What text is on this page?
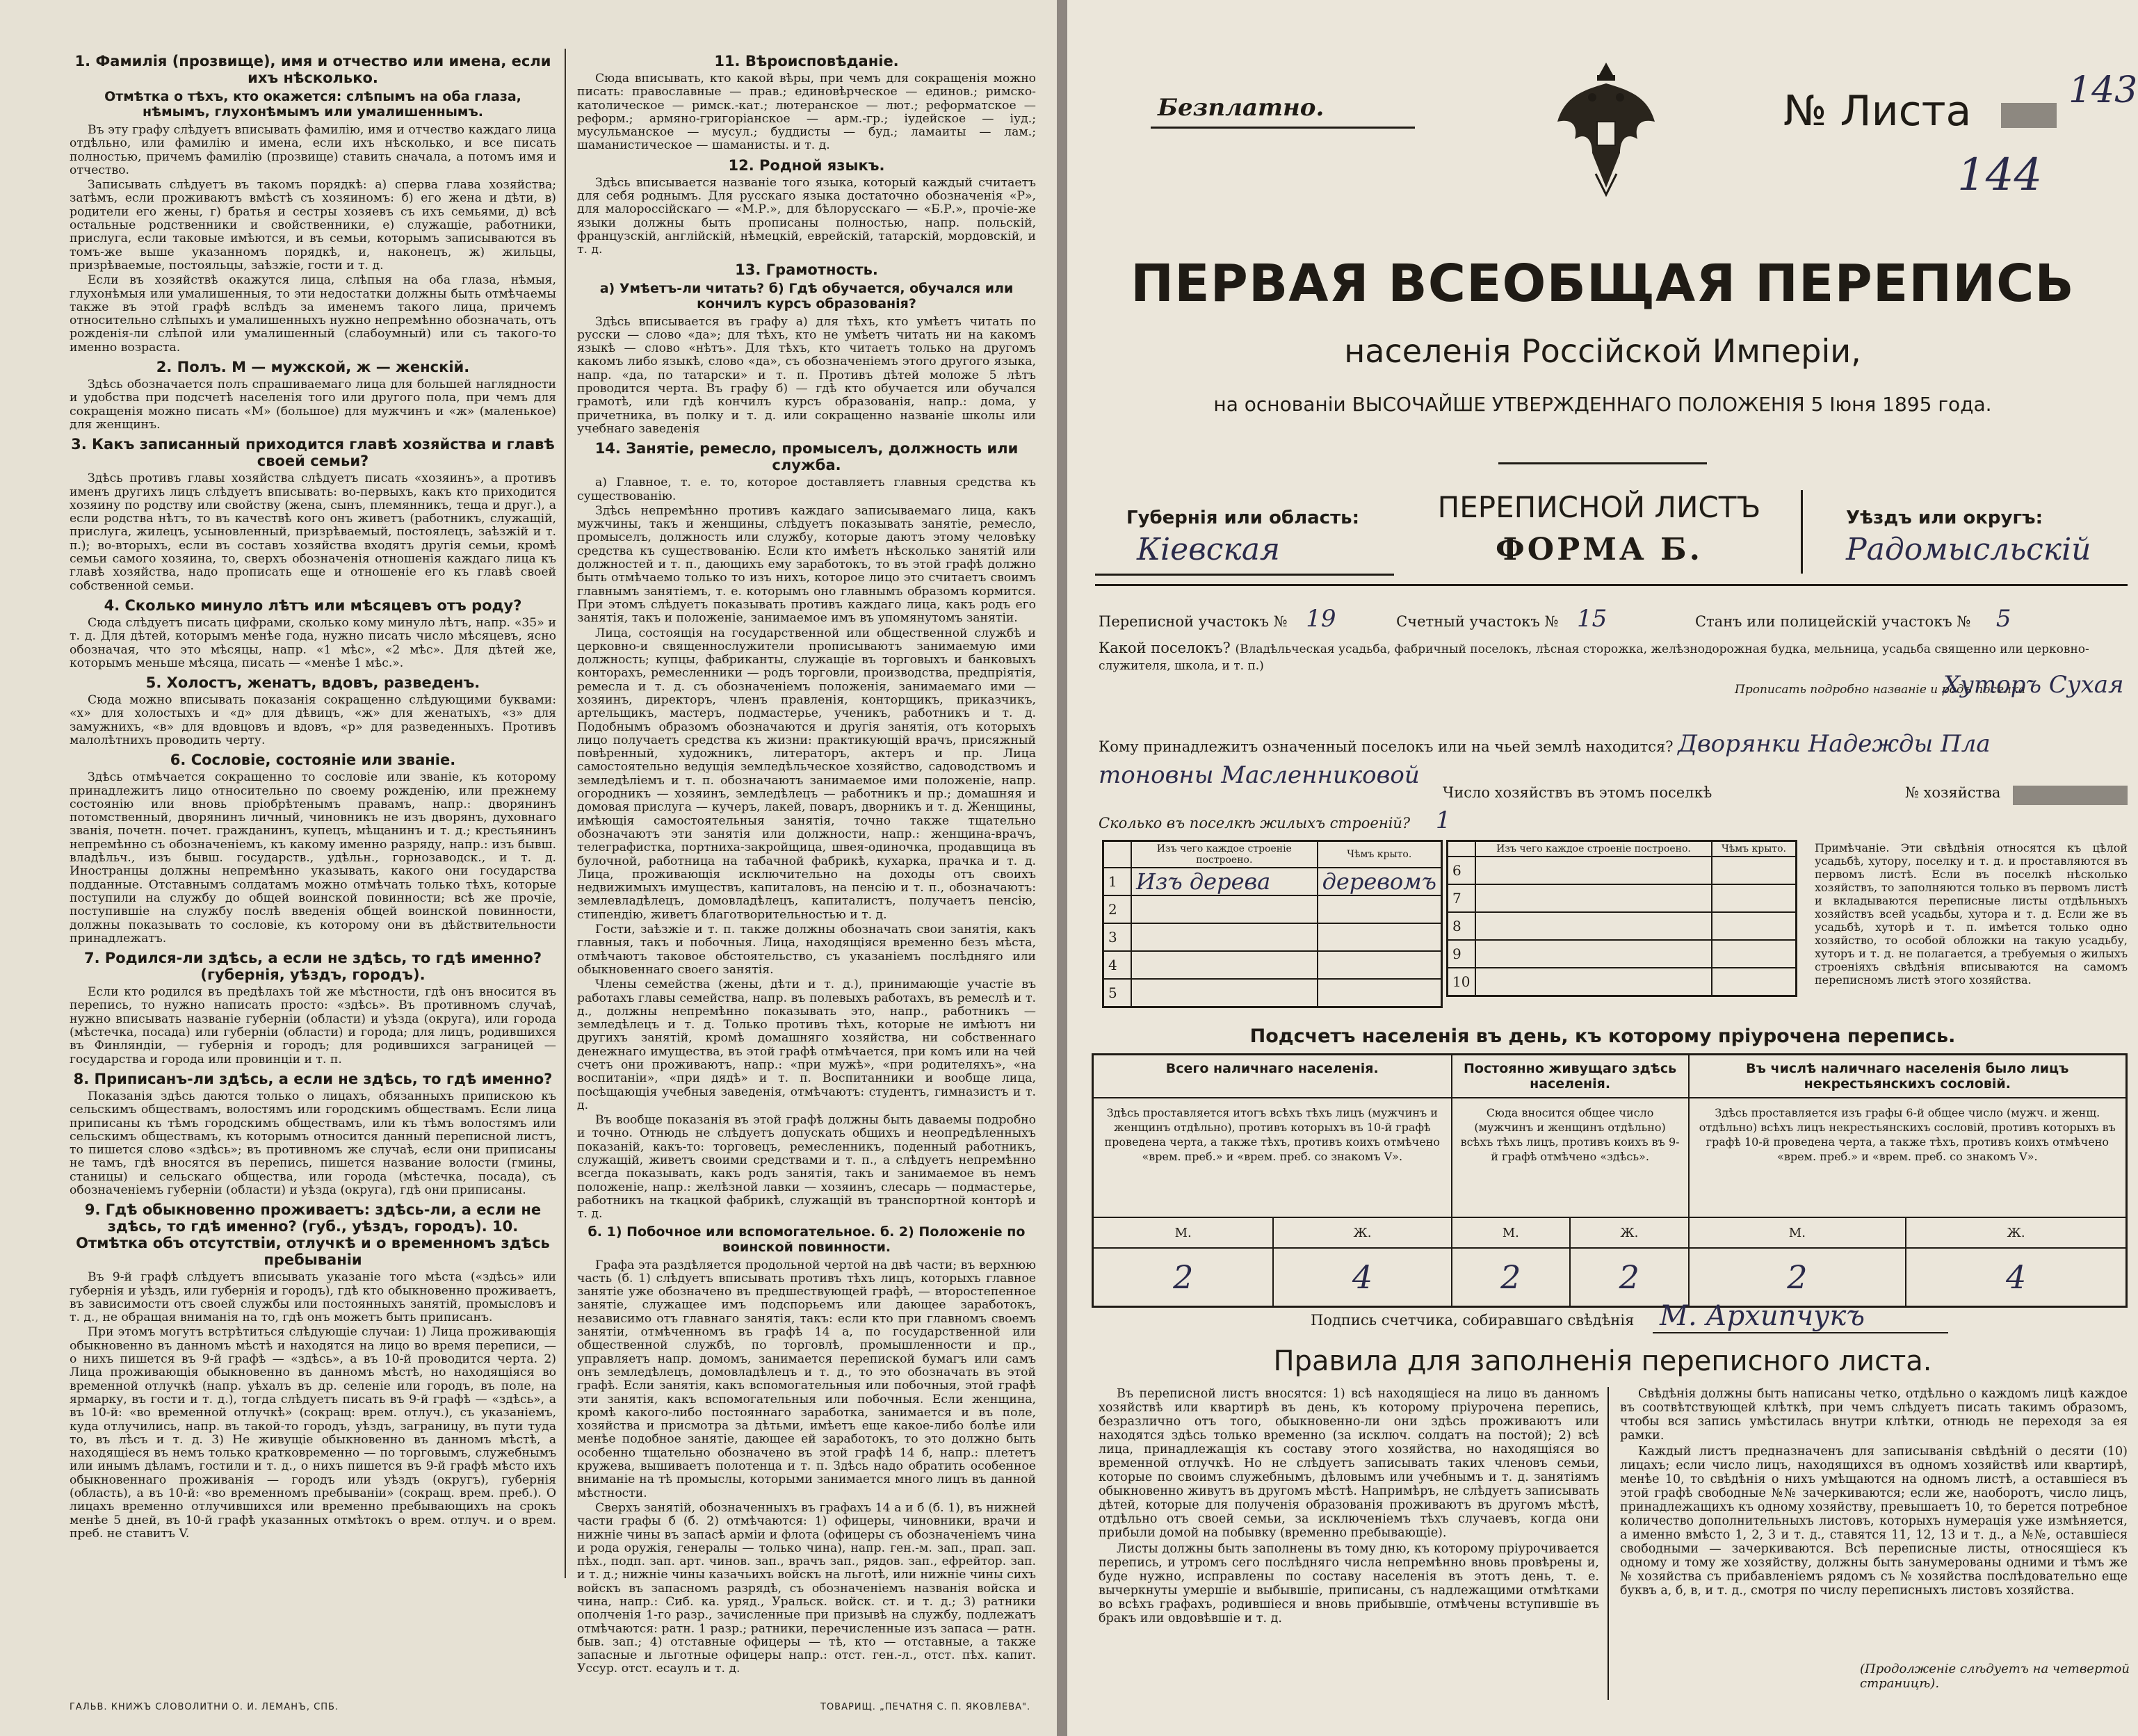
1. Фамилія (прозвище), имя и отчество или имена, если ихъ нѣсколько.
Отмѣтка о тѣхъ, кто окажется: слѣпымъ на оба глаза, нѣмымъ, глухонѣмымъ или умалишеннымъ.

Въ эту графу слѣдуетъ вписывать фамилію, имя и отчество каждаго лица отдѣльно, или фамилію и имена, если ихъ нѣсколько, и все писать полностью, причемъ фамилію (прозвище) ставить сначала, а потомъ имя и отчество.

Записывать слѣдуетъ въ такомъ порядкѣ: а) сперва главa хозяйства; затѣмъ, если проживаютъ вмѣстѣ съ хозяиномъ: б) его жена и дѣти, в) родители его жены, г) братья и сестры хозяевъ съ ихъ семьями, д) всѣ остальные родственники и свойственники, е) служащіе, работники, прислуга, если таковые имѣются, и въ семьи, которымъ записываются въ томъ-же выше указанномъ порядкѣ, и, наконецъ, ж) жильцы, призрѣваемые, постояльцы, заѣзжіе, гости и т. д.

Если въ хозяйствѣ окажутся лица, слѣпыя на оба глаза, нѣмыя, глухонѣмыя или умалишенныя, то эти недостатки должны быть отмѣчаемы также въ этой графѣ вслѣдъ за именемъ такого лица, причемъ относительно слѣпыхъ и умалишенныхъ нужно непремѣнно обозначать, отъ рожденія-ли слѣпой или умалишенный (слабоумный) или съ такого-то именно возраста.

2. Полъ. М — мужской, ж — женскій.

Здѣсь обозначается полъ спрашиваемаго лица для большей наглядности и удобства при подсчетѣ населенія того или другого пола, при чемъ для сокращенія можно писать «М» (большое) для мужчинъ и «ж» (маленькое) для женщинъ.

3. Какъ записанный приходится главѣ хозяйства и главѣ своей семьи?

Здѣсь противъ главы хозяйства слѣдуетъ писать «хозяинъ», а противъ именъ другихъ лицъ слѣдуетъ вписывать: во-первыхъ, какъ кто приходится хозяину по родству или свойству (жена, сынъ, племянникъ, теща и друг.), а если родства нѣтъ, то въ качествѣ кого онъ живетъ (работникъ, служащій, прислуга, жилецъ, усыновленный, призрѣваемый, постоялецъ, заѣзжій и т. п.); во-вторыхъ, если въ составъ хозяйства входятъ другія семьи, кромѣ семьи самого хозяина, то, сверхъ обозначенія отношенія каждаго лица къ главѣ хозяйства, надо прописать еще и отношеніе его къ главѣ своей собственной семьи.

4. Сколько минуло лѣтъ или мѣсяцевъ отъ роду?

Сюда слѣдуетъ писать цифрами, сколько кому минуло лѣтъ, напр. «35» и т. д. Для дѣтей, которымъ менѣе года, нужно писать число мѣсяцевъ, ясно обозначая, что это мѣсяцы, напр. «1 мѣс», «2 мѣс». Для дѣтей же, которымъ меньше мѣсяца, писать — «менѣе 1 мѣс.».

5. Холостъ, женатъ, вдовъ, разведенъ.

Сюда можно вписывать показанія сокращенно слѣдующими буквами: «х» для холостыхъ и «д» для дѣвицъ, «ж» для женатыхъ, «з» для замужнихъ, «в» для вдовцовъ и вдовъ, «р» для разведенныхъ. Противъ малолѣтнихъ проводить черту.

6. Сословіе, состояніе или званіе.

Здѣсь отмѣчается сокращенно то сословіе или званіе, къ которому принадлежитъ лицо относительно по своему рожденію, или прежнему состоянію или вновь пріобрѣтенымъ правамъ, напр.: дворянинъ потомственный, дворянинъ личный, чиновникъ не изъ дворянъ, духовнаго званія, почетн. почет. гражданинъ, купецъ, мѣщанинъ и т. д.; крестьянинъ непремѣнно съ обозначеніемъ, къ какому именно разряду, напр.: изъ бывш. владѣльч., изъ бывш. государств., удѣльн., горнозаводск., и т. д. Иностранцы должны непремѣнно указывать, какого они государства подданные. Отставнымъ солдатамъ можно отмѣчать только тѣхъ, которые поступили на службу до общей воинской повинности; всѣ же прочіе, поступившіе на службу послѣ введенія общей воинской повинности, должны показывать то сословіе, къ которому они въ дѣйствительности принадлежатъ.

7. Родился-ли здѣсь, а если не здѣсь, то гдѣ именно? (губернія, уѣздъ, городъ).

Если кто родился въ предѣлахъ той же мѣстности, гдѣ онъ вносится въ перепись, то нужно написать просто: «здѣсь». Въ противномъ случаѣ, нужно вписывать названіе губерніи (области) и уѣзда (округа), или города (мѣстечка, посада) или губерніи (области) и города; для лицъ, родившихся въ Финляндіи, — губернія и городъ; для родившихся заграницей — государства и города или провинціи и т. п.

8. Приписанъ-ли здѣсь, а если не здѣсь, то гдѣ именно?

Показанія здѣсь даются только о лицахъ, обязанныхъ припискою къ сельскимъ обществамъ, волостямъ или городскимъ обществамъ. Если лица приписаны къ тѣмъ городскимъ обществамъ, или къ тѣмъ волостямъ или сельскимъ обществамъ, къ которымъ относится данный переписной листъ, то пишется слово «здѣсь»; въ противномъ же случаѣ, если они приписаны не тамъ, гдѣ вносятся въ перепись, пишется название волости (гмины, станицы) и сельскаго общества, или города (мѣстечка, посада), съ обозначеніемъ губерніи (области) и уѣзда (округа), гдѣ они приписаны.

9. Гдѣ обыкновенно проживаетъ: здѣсь-ли, а если не здѣсь, то гдѣ именно? (губ., уѣздъ, городъ). 10. Отмѣтка объ отсутствіи, отлучкѣ и о временномъ здѣсь пребываніи

Въ 9-й графѣ слѣдуетъ вписывать указаніе того мѣста («здѣсь» или губернія и уѣздъ, или губернія и городъ), гдѣ кто обыкновенно проживаетъ, въ зависимости отъ своей службы или постоянныхъ занятій, промысловъ и т. д., не обращая вниманія на то, гдѣ онъ можетъ быть приписанъ.

При этомъ могутъ встрѣтиться слѣдующіе случаи: 1) Лица проживающія обыкновенно въ данномъ мѣстѣ и находятся на лицо во время переписи, — о нихъ пишется въ 9-й графѣ — «здѣсь», а въ 10-й проводится черта. 2) Лица проживающія обыкновенно въ данномъ мѣстѣ, но находящіяся во временной отлучкѣ (напр. уѣхалъ въ др. селеніе или городъ, въ поле, на ярмарку, въ гости и т. д.), тогда слѣдуетъ писать въ 9-й графѣ — «здѣсь», а въ 10-й: «во временной отлучкѣ» (сокращ: врем. отлуч.), съ указаніемъ, куда отлучились, напр. въ такой-то городъ, уѣздъ, заграницу, въ пути тудa то, въ лѣсъ и т. д. 3) Не живущіе обыкновенно въ данномъ мѣстѣ, а находящіеся въ немъ только кратковременно — по торговымъ, служебнымъ или инымъ дѣламъ, гостили и т. д., о нихъ пишется въ 9-й графѣ мѣсто ихъ обыкновеннаго проживанія — городъ или уѣздъ (округъ), губернія (область), а въ 10-й: «во временномъ пребываніи» (сокращ. врем. преб.). О лицахъ временно отлучившихся или временно пребывающихъ на срокъ менѣе 5 дней, въ 10-й графѣ указанных отмѣтокъ о врем. отлуч. и о врем. преб. не ставитъ V.

11. Вѣроисповѣданіе.

Сюда вписывать, кто какой вѣры, при чемъ для сокращенія можно писать: православные — прав.; единовѣрческое — единов.; римско-католическое — римск.-кат.; лютеранское — лют.; реформатское — реформ.; армяно-григоріанское — арм.-гр.; іудейское — іуд.; мусульманское — мусул.; буддисты — буд.; ламаиты — лам.; шаманистическое — шаманисты. и т. д.

12. Родной языкъ.

Здѣсь вписывается названіе того языка, который каждый считаетъ для себя роднымъ. Для русскаго языка достаточно обозначенія «Р», для малороссійскаго — «М.Р.», для бѣлорусскаго — «Б.Р.», прочіе-же языки должны быть прописаны полностью, напр. польскій, французскій, англійскій, нѣмецкій, еврейскій, татарскій, мордовскій, и т. д.

13. Грамотность.
а) Умѣетъ-ли читать? б) Гдѣ обучается, обучался или кончилъ курсъ образованія?

Здѣсь вписывается въ графу а) для тѣхъ, кто умѣетъ читать по русски — слово «да»; для тѣхъ, кто не умѣетъ читать ни на какомъ языкѣ — слово «нѣтъ». Для тѣхъ, кто читаетъ только на другомъ какомъ либо языкѣ, слово «да», съ обозначеніемъ этого другого языка, напр. «да, по татарски» и т. п. Противъ дѣтей моложе 5 лѣтъ проводится черта. Въ графу б) — гдѣ кто обучается или обучался грамотѣ, или гдѣ кончилъ курсъ образованія, напр.: дома, у причетника, въ полку и т. д. или сокращенно названіе школы или учебнаго заведенія

14. Занятіе, ремесло, промыселъ, должность или служба.

а) Главное, т. е. то, которое доставляетъ главныя средства къ существованію.

Здѣсь непремѣнно противъ каждаго записываемаго лица, какъ мужчины, такъ и женщины, слѣдуетъ показывать занятіе, ремесло, промыселъ, должность или службу, которые даютъ этому человѣку средства къ существованію. Если кто имѣетъ нѣсколько занятій или должностей и т. п., дающихъ ему заработокъ, то въ этой графѣ должно быть отмѣчаемо только то изъ нихъ, которое лицо это считаетъ своимъ главнымъ занятіемъ, т. е. которымъ оно главнымъ образомъ кормится. При этомъ слѣдуетъ показывать противъ каждаго лица, какъ родъ его занятія, такъ и положеніе, занимаемое имъ въ упомянутомъ занятіи.

Лица, состоящія на государственной или общественной службѣ и церковно-и священнослужители прописываютъ занимаемую ими должность; купцы, фабриканты, служащіе въ торговыхъ и банковыхъ конторахъ, ремесленники — родъ торговли, производства, предпріятія, ремесла и т. д. съ обозначеніемъ положенія, занимаемаго ими — хозяинъ, директоръ, членъ правленія, конторщикъ, приказчикъ, артельщикъ, мастеръ, подмастерье, ученикъ, работникъ и т. д. Подобнымъ образомъ обозначаются и другія занятія, отъ которыхъ лицо получаетъ средства къ жизни: практикующій врачъ, присяжный повѣренный, художникъ, литераторъ, актеръ и пр. Лица самостоятельно ведущія земледѣльческое хозяйство, садоводствомъ и земледѣліемъ и т. п. обозначаютъ занимаемое ими положеніе, напр. огородникъ — хозяинъ, земледѣлецъ — работникъ и пр.; домашняя и домовая прислуга — кучеръ, лакей, поваръ, дворникъ и т. д. Женщины, имѣющія самостоятельныя занятія, точно также тщательно обозначаютъ эти занятія или должности, напр.: женщина-врачъ, телеграфистка, портниха-закройщица, швея-одиночка, продавщица въ булочной, работница на табачной фабрикѣ, кухарка, прачка и т. д. Лица, проживающія исключительно на доходы отъ своихъ недвижимыхъ имуществъ, капиталовъ, на пенсію и т. п., обозначаютъ: землевладѣлецъ, домовладѣлецъ, капиталистъ, получаетъ пенсію, стипендію, живетъ благотворительностью и т. д.

Гости, заѣзжіе и т. п. также должны обозначать свои занятія, какъ главныя, такъ и побочныя. Лица, находящіяся временно безъ мѣста, отмѣчаютъ таковое обстоятельство, съ указаніемъ послѣдняго или обыкновеннаго своего занятія.

Члены семейства (жены, дѣти и т. д.), принимающіе участіе въ работахъ главы семейства, напр. въ полевыхъ работахъ, въ ремеслѣ и т. д., должны непремѣнно показывать это, напр., работникъ — земледѣлецъ и т. д. Только противъ тѣхъ, которые не имѣютъ ни другихъ занятій, кромѣ домашняго хозяйства, ни собственнаго денежнаго имущества, въ этой графѣ отмѣчается, при комъ или на чей счетъ они проживаютъ, напр.: «при мужѣ», «при родителяхъ», «на воспитаніи», «при дядѣ» и т. п. Воспитанники и вообще лица, посѣщающія учебныя заведенія, отмѣчаютъ: студентъ, гимназистъ и т. д.

Въ вообще показанія въ этой графѣ должны быть даваемы подробно и точно. Отнюдь не слѣдуетъ допускать общихъ и неопредѣленныхъ показаній, какъ-то: торговецъ, ремесленникъ, поденный работникъ, служащій, живетъ своими средствами и т. п., а слѣдуетъ непремѣнно всегда показывать, какъ родъ занятія, такъ и занимаемое въ немъ положеніе, напр.: желѣзной лавки — хозяинъ, слесарь — подмастерье, работникъ на ткацкой фабрикѣ, служащій въ транспортной конторѣ и т. д.

б. 1) Побочное или вспомогательное. б. 2) Положеніе по воинской повинности.

Графа эта раздѣляется продольной чертой на двѣ части; въ верхнюю часть (б. 1) слѣдуетъ вписывать противъ тѣхъ лицъ, которыхъ главное занятіе уже обозначено въ предшествующей графѣ, — второстепенное занятіе, служащее имъ подспорьемъ или дающее заработокъ, независимо отъ главнаго занятія, такъ: если кто при главномъ своемъ занятіи, отмѣченномъ въ графѣ 14 а, по государственной или общественной службѣ, по торговлѣ, промышленности и пр., управляетъ напр. домомъ, занимается перепиской бумагъ или самъ онъ земледѣлецъ, домовладѣлецъ и т. д., то это обозначать въ этой графѣ. Если занятія, какъ вспомогательныя или побочныя, этой графѣ эти занятія, какъ вспомогательныя или побочныя. Если женщина, кромѣ какого-либо постояннаго заработка, занимается и въ поле, хозяйства и присмотра за дѣтьми, имѣетъ еще какое-либо болѣе или менѣе подобное занятіе, дающее ей заработокъ, то это должно быть особенно тщательно обозначено въ этой графѣ 14 б, напр.: плететъ кружева, вышиваетъ полотенца и т. п. Здѣсь надо обратить особенное вниманіе на тѣ промыслы, которыми занимается много лицъ въ данной мѣстности.

Сверхъ занятій, обозначенныхъ въ графахъ 14 а и б (б. 1), въ нижней части графы б (б. 2) отмѣчаются: 1) офицеры, чиновники, врачи и нижніе чины въ запасѣ арміи и флота (офицеры съ обозначеніемъ чина и рода оружія, генералы — только чина), напр. ген.-м. зап., прап. зап. пѣх., подп. зап. арт. чинов. зап., врачъ зап., рядов. зап., ефрейтор. зап. и т. д.; нижніе чины казачьихъ войскъ на льготѣ, или нижніе чины сихъ войскъ въ запасномъ разрядѣ, съ обозначеніемъ названія войска и чина, напр.: Сиб. ка. уряд., Уральск. войск. ст. и т. д.; 3) ратники ополченія 1-го разр., зачисленные при призывѣ на службу, подлежатъ отмѣчаются: ратн. 1 разр.; ратники, перечисленные изъ запаса — ратн. быв. зап.; 4) отставные офицеры — тѣ, кто — отставные, а также запасные и льготные офицеры напр.: отст. ген.-л., отст. пѣх. капит. Уссур. отст. есаулъ и т. д.

ГАЛЬВ. КНИЖЪ СЛОВОЛИТНИ О. И. ЛЕМАНЪ, СПБ.	ТОВАРИЩ. „ПЕЧАТНЯ С. П. ЯКОВЛЕВА".
Безплатно.	№ Листа	143
144
ПЕРВАЯ ВСЕОБЩАЯ ПЕРЕПИСЬ
населенія Россійской Имперіи,
на основаніи ВЫСОЧАЙШЕ УТВЕРЖДЕННАГО ПОЛОЖЕНІЯ 5 Іюня 1895 года.
Губернія или область:
Кіевская
ПЕРЕПИСНОЙ ЛИСТЪ
ФОРМА Б.
Уѣздъ или округъ:
Радомысльскій
Переписной участокъ № 19	Счетный участокъ № 15	Станъ или полицейскій участокъ № 5
Какой поселокъ? (Владѣльческая усадьба, фабричный поселокъ, лѣсная сторожка, желѣзнодорожная будка, мельница, усадьба священно или церковно-служителя, школа, и т. п.)
Прописать подробно названіе и родъ поселка
Хуторъ Сухая
Кому принадлежитъ означенный поселокъ или на чьей землѣ находится? Дворянки Надежды Пла
тоновны Масленниковой
Число хозяйствъ въ этомъ поселкѣ	№ хозяйства
Сколько въ поселкѣ жилыхъ строеній? 1
	Изъ чего каждое строеніе построено.	Чѣмъ крыто.
1	Изъ дерева	деревомъ
2		
3		
4		
5		
	Изъ чего каждое строеніе построено.	Чѣмъ крыто.
6		
7		
8		
9		
10		
Примѣчаніе. Эти свѣдѣнія относятся къ цѣлой усадьбѣ, хутору, поселку и т. д. и проставляются въ первомъ листѣ. Если въ поселкѣ нѣсколько хозяйствъ, то заполняются только въ первомъ листѣ и вкладываются переписные листы отдѣльныхъ хозяйствъ всей усадьбы, хутора и т. д. Если же въ усадьбѣ, хуторѣ и т. п. имѣется только одно хозяйство, то особой обложки на такую усадьбу, хуторъ и т. д. не полагается, а требуемыя о жилыхъ строеніяхъ свѣдѣнія вписываются на самомъ переписномъ листѣ этого хозяйства.
Подсчетъ населенія въ день, къ которому пріурочена перепись.
Всего наличнаго населенія.		Постоянно живущаго здѣсь населенія.		Въ числѣ наличнаго населенія было лицъ некрестьянскихъ сословій.	
Здѣсь проставляется итогъ всѣхъ тѣхъ лицъ (мужчинъ и женщинъ отдѣльно), противъ которыхъ въ 10-й графѣ проведена черта, а также тѣхъ, противъ коихъ отмѣчено «врем. преб.» и «врем. преб. со знакомъ V».		Сюда вносится общее число (мужчинъ и женщинъ отдѣльно) всѣхъ тѣхъ лицъ, противъ коихъ въ 9-й графѣ отмѣчено «здѣсь».		Здѣсь проставляется изъ графы 6-й общее число (мужч. и женщ. отдѣльно) всѣхъ лицъ некрестьянскихъ сословій, противъ которыхъ въ графѣ 10-й проведена черта, а также тѣхъ, противъ коихъ отмѣчено «врем. преб.» и «врем. преб. со знакомъ V».	
М.	Ж.	М.	Ж.	М.	Ж.
2	4	2	2	2	4
Подпись счетчика, собиравшаго свѣдѣнія М. Архипчукъ
Правила для заполненія переписного листа.

Въ переписной листъ вносятся: 1) всѣ находящіеся на лицо въ данномъ хозяйствѣ или квартирѣ въ день, къ которому пріурочена перепись, безразлично отъ того, обыкновенно-ли они здѣсь проживаютъ или находятся здѣсь только временно (за исключ. солдатъ на постой); 2) всѣ лица, принадлежащія къ составу этого хозяйства, но находящіяся во временной отлучкѣ. Но не слѣдуетъ записывать таких членовъ семьи, которые по своимъ служебнымъ, дѣловымъ или учебнымъ и т. д. занятіямъ обыкновенно живутъ въ другомъ мѣстѣ. Напримѣръ, не слѣдуетъ записывать дѣтей, которые для полученія образованія проживаютъ въ другомъ мѣстѣ, отдѣльно отъ своей семьи, за исключеніемъ тѣхъ случаевъ, когда они прибыли домой на побывку (временно пребывающіе).

Листы должны быть заполнены въ тому дню, къ которому пріурочивается перепись, и утромъ сего послѣдняго числа непремѣнно вновь провѣрены и, буде нужно, исправлены по составу населенія въ этотъ день, т. е. вычеркнуты умершіе и выбывшіе, приписаны, съ надлежащими отмѣтками во всѣхъ графахъ, родившіеся и вновь прибывшіе, отмѣчены вступившіе въ бракъ или овдовѣвшіе и т. д.

Свѣдѣнія должны быть написаны четко, отдѣльно о каждомъ лицѣ каждое въ соотвѣтствующей клѣткѣ, при чемъ слѣдуетъ писать такимъ образомъ, чтобы вся запись умѣстилась внутри клѣтки, отнюдь не переходя за ея рамки.

Каждый листъ предназначенъ для записыванія свѣдѣній о десяти (10) лицахъ; если число лицъ, находящихся въ одномъ хозяйствѣ или квартирѣ, менѣе 10, то свѣдѣнія о нихъ умѣщаются на одномъ листѣ, а оставшіеся въ этой графѣ свободные №№ зачеркиваются; если же, наоборотъ, число лицъ, принадлежащихъ къ одному хозяйству, превышаетъ 10, то берется потребное количество дополнительныхъ листовъ, которыхъ нумерація уже измѣняется, а именно вмѣсто 1, 2, 3 и т. д., ставятся 11, 12, 13 и т. д., а №№, оставшіеся свободными — зачеркиваются. Всѣ переписные листы, относящіеся къ одному и тому же хозяйству, должны быть занумерованы одними и тѣмъ же № хозяйства съ прибавленіемъ рядомъ съ № хозяйства послѣдовательно еще буквъ а, б, в, и т. д., смотря по числу переписныхъ листовъ хозяйства.

(Продолженіе слѣдуетъ на четвертой страницѣ).
